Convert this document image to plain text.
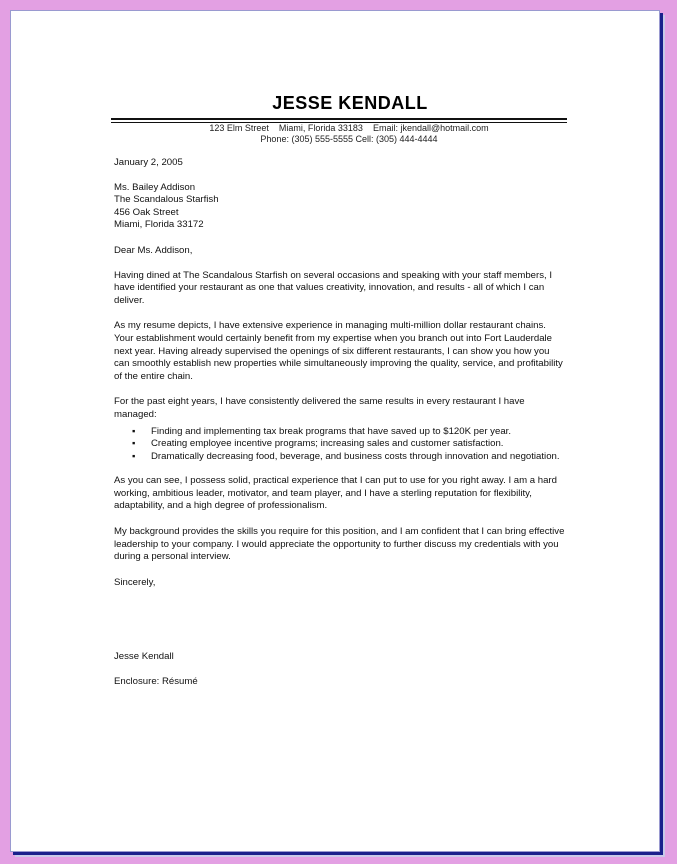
JESSE KENDALL
123 Elm Street Miami, Florida 33183 Email: jkendall@hotmail.com
Phone: (305) 555-5555 Cell: (305) 444-4444

January 2, 2005

Ms. Bailey Addison
The Scandalous Starfish
456 Oak Street
Miami, Florida 33172

Dear Ms. Addison,

Having dined at The Scandalous Starfish on several occasions and speaking with your staff members, I have identified your restaurant as one that values creativity, innovation, and results - all of which I can deliver.

As my resume depicts, I have extensive experience in managing multi-million dollar restaurant chains. Your establishment would certainly benefit from my expertise when you branch out into Fort Lauderdale next year. Having already supervised the openings of six different restaurants, I can show you how you can smoothly establish new properties while simultaneously improving the quality, service, and profitability of the entire chain.

For the past eight years, I have consistently delivered the same results in every restaurant I have managed:

▪ Finding and implementing tax break programs that have saved up to $120K per year.
▪ Creating employee incentive programs; increasing sales and customer satisfaction.
▪ Dramatically decreasing food, beverage, and business costs through innovation and negotiation.

As you can see, I possess solid, practical experience that I can put to use for you right away. I am a hard working, ambitious leader, motivator, and team player, and I have a sterling reputation for flexibility, adaptability, and a high degree of professionalism.

My background provides the skills you require for this position, and I am confident that I can bring effective leadership to your company. I would appreciate the opportunity to further discuss my credentials with you during a personal interview.

Sincerely,

Jesse Kendall

Enclosure: Résumé
